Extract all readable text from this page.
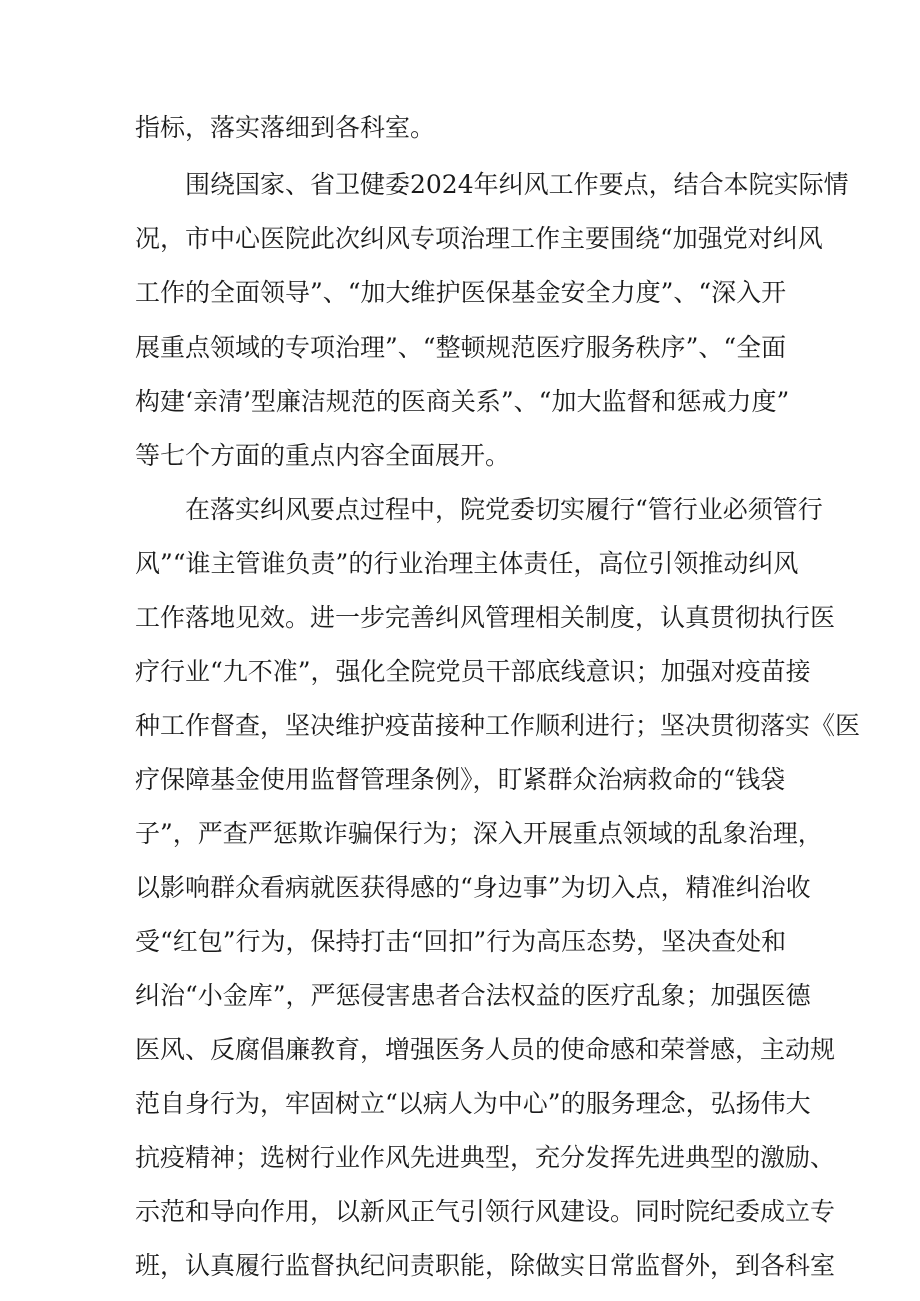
指标，落实落细到各科室。

围绕国家、省卫健委2024年纠风工作要点，结合本院实际情

况，市中心医院此次纠风专项治理工作主要围绕“加强党对纠风

工作的全面领导”、“加大维护医保基金安全力度”、“深入开

展重点领域的专项治理”、“整顿规范医疗服务秩序”、“全面

构建‘亲清’型廉洁规范的医商关系”、“加大监督和惩戒力度”

等七个方面的重点内容全面展开。

在落实纠风要点过程中，院党委切实履行“管行业必须管行

风”“谁主管谁负责”的行业治理主体责任，高位引领推动纠风

工作落地见效。进一步完善纠风管理相关制度，认真贯彻执行医

疗行业“九不准”，强化全院党员干部底线意识；加强对疫苗接

种工作督查，坚决维护疫苗接种工作顺利进行；坚决贯彻落实《医

疗保障基金使用监督管理条例》，盯紧群众治病救命的“钱袋

子”，严查严惩欺诈骗保行为；深入开展重点领域的乱象治理，

以影响群众看病就医获得感的“身边事”为切入点，精准纠治收

受“红包”行为，保持打击“回扣”行为高压态势，坚决查处和

纠治“小金库”，严惩侵害患者合法权益的医疗乱象；加强医德

医风、反腐倡廉教育，增强医务人员的使命感和荣誉感，主动规

范自身行为，牢固树立“以病人为中心”的服务理念，弘扬伟大

抗疫精神；选树行业作风先进典型，充分发挥先进典型的激励、

示范和导向作用，以新风正气引领行风建设。同时院纪委成立专

班，认真履行监督执纪问责职能，除做实日常监督外，到各科室
